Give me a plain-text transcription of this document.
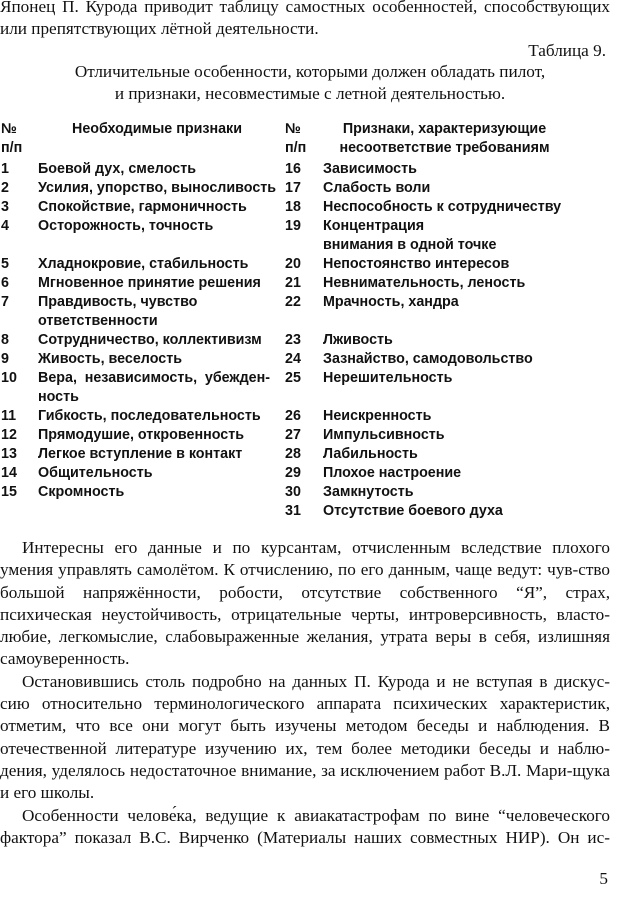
Японец П. Курода приводит таблицу самостных особенностей, способствующих или препятствующих лётной деятельности.
Таблица 9.
Отличительные особенности, которыми должен обладать пилот,
и признаки, несовместимые с летной деятельностью.
№
п/п
Необходимые признаки	№
п/п
Признаки, характеризующие
несоответствие требованиям
1 Боевой дух, смелость
2 Усилия, упорство, выносливость
3 Спокойствие, гармоничность
4 Осторожность, точность
5 Хладнокровие, стабильность
6 Мгновенное принятие решения
7 Правдивость, чувство ответственности
8 Сотрудничество, коллективизм
9 Живость, веселость
10 Вера, независимость, убежден-ность
11 Гибкость, последовательность
12 Прямодушие, откровенность
13 Легкое вступление в контакт
14 Общительность
15 Скромность
16 Зависимость
17 Слабость воли
18 Неспособность к сотрудничеству
19 Концентрация внимания в одной точке
20 Непостоянство интересов
21 Невнимательность, леность
22 Мрачность, хандра
23 Лживость
24 Зазнайство, самодовольство
25 Нерешительность
26 Неискренность
27 Импульсивность
28 Лабильность
29 Плохое настроение
30 Замкнутость
31 Отсутствие боевого духа

Интересны его данные и по курсантам, отчисленным вследствие плохого умения управлять самолётом. К отчислению, по его данным, чаще ведут: чув-ство большой напряжённости, робости, отсутствие собственного “Я”, страх, психическая неустойчивость, отрицательные черты, интроверсивность, власто-любие, легкомыслие, слабовыраженные желания, утрата веры в себя, излишняя самоуверенность.

Остановившись столь подробно на данных П. Курода и не вступая в дискус-сию относительно терминологического аппарата психических характеристик, отметим, что все они могут быть изучены методом беседы и наблюдения. В отечественной литературе изучению их, тем более методики беседы и наблю-дения, уделялось недостаточное внимание, за исключением работ В.Л. Мари-щука и его школы.

Особенности челове́ка, ведущие к авиакатастрофам по вине “человеческого фактора” показал В.С. Вирченко (Материалы наших совместных НИР). Он ис-

5
